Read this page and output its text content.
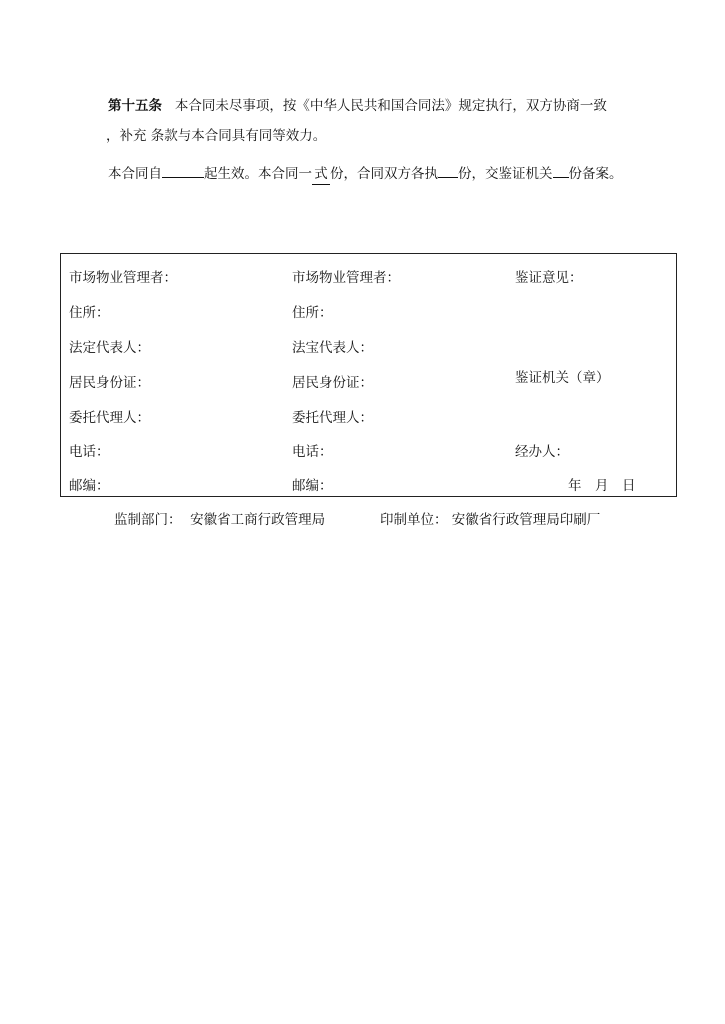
第十五条 本合同未尽事项，按《中华人民共和国合同法》规定执行，双方协商一致
，补充 条款与本合同具有同等效力。
本合同自	起生效。本合同一 式 份，合同双方各执 份，交鉴证机关 份备案。
市场物业管理者：
住所：
法定代表人：
居民身份证：
委托代理人：
电话：
邮编：
市场物业管理者：
住所：
法宝代表人：
居民身份证：
委托代理人：
电话：
邮编：
鉴证意见：
鉴证机关（章）
经办人：
年　月　日
监制部门： 安徽省工商行政管理局	印制单位： 安徽省行政管理局印刷厂
